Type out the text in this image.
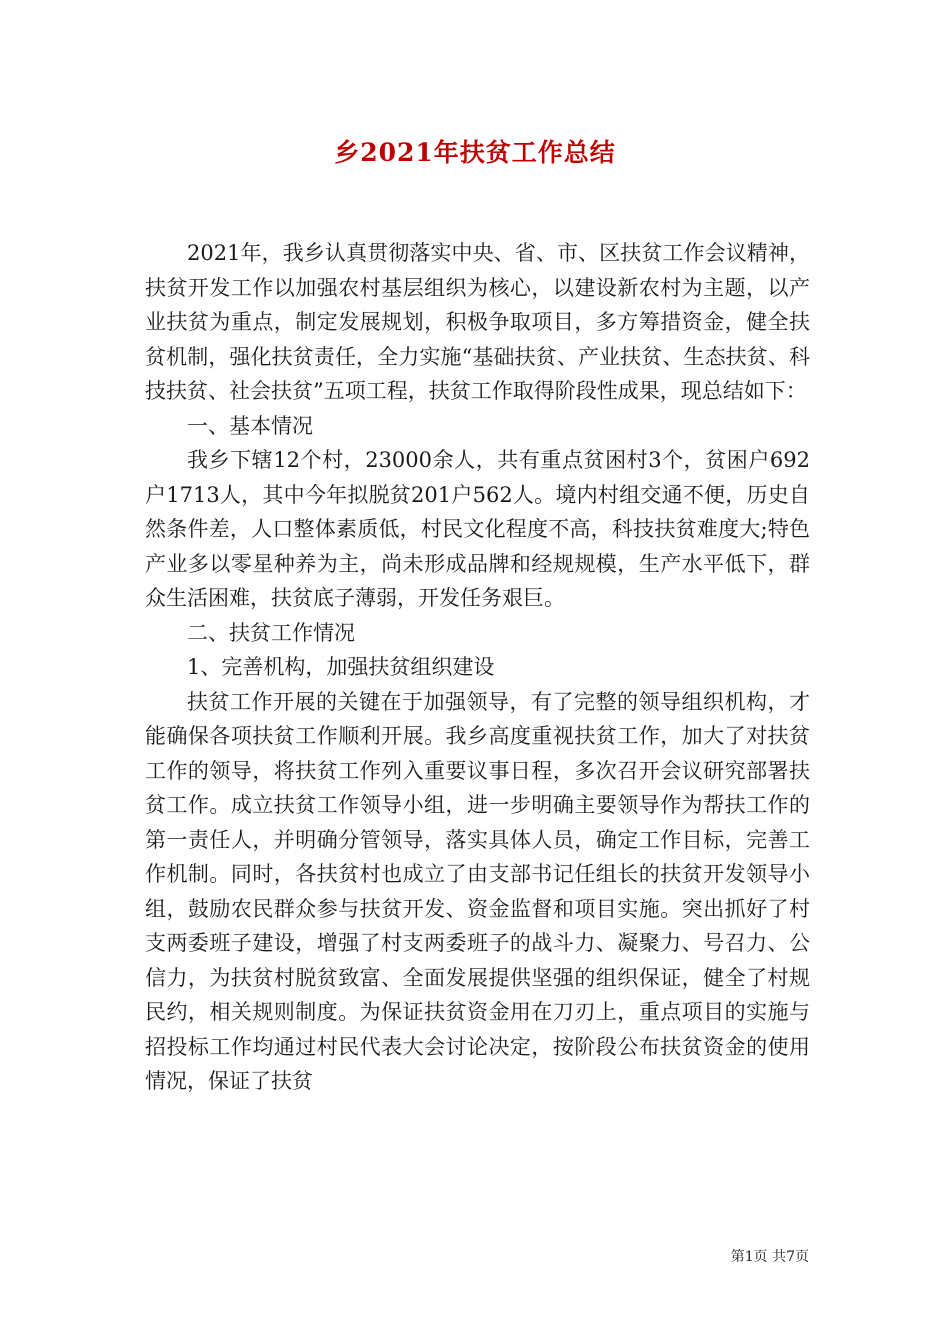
乡2021年扶贫工作总结

2021年，我乡认真贯彻落实中央、省、市、区扶贫工作会议精神，扶贫开发工作以加强农村基层组织为核心，以建设新农村为主题，以产业扶贫为重点，制定发展规划，积极争取项目，多方筹措资金，健全扶贫机制，强化扶贫责任，全力实施“基础扶贫、产业扶贫、生态扶贫、科技扶贫、社会扶贫”五项工程，扶贫工作取得阶段性成果，现总结如下：

一、基本情况

我乡下辖12个村，23000余人，共有重点贫困村3个，贫困户692户1713人，其中今年拟脱贫201户562人。境内村组交通不便，历史自然条件差，人口整体素质低，村民文化程度不高，科技扶贫难度大;特色产业多以零星种养为主，尚未形成品牌和经规规模，生产水平低下，群众生活困难，扶贫底子薄弱，开发任务艰巨。

二、扶贫工作情况

1、完善机构，加强扶贫组织建设

扶贫工作开展的关键在于加强领导，有了完整的领导组织机构，才能确保各项扶贫工作顺利开展。我乡高度重视扶贫工作，加大了对扶贫工作的领导，将扶贫工作列入重要议事日程，多次召开会议研究部署扶贫工作。成立扶贫工作领导小组，进一步明确主要领导作为帮扶工作的第一责任人，并明确分管领导，落实具体人员，确定工作目标，完善工作机制。同时，各扶贫村也成立了由支部书记任组长的扶贫开发领导小组，鼓励农民群众参与扶贫开发、资金监督和项目实施。突出抓好了村支两委班子建设，增强了村支两委班子的战斗力、凝聚力、号召力、公信力，为扶贫村脱贫致富、全面发展提供坚强的组织保证，健全了村规民约，相关规则制度。为保证扶贫资金用在刀刃上，重点项目的实施与招投标工作均通过村民代表大会讨论决定，按阶段公布扶贫资金的使用情况，保证了扶贫

第1页 共7页
